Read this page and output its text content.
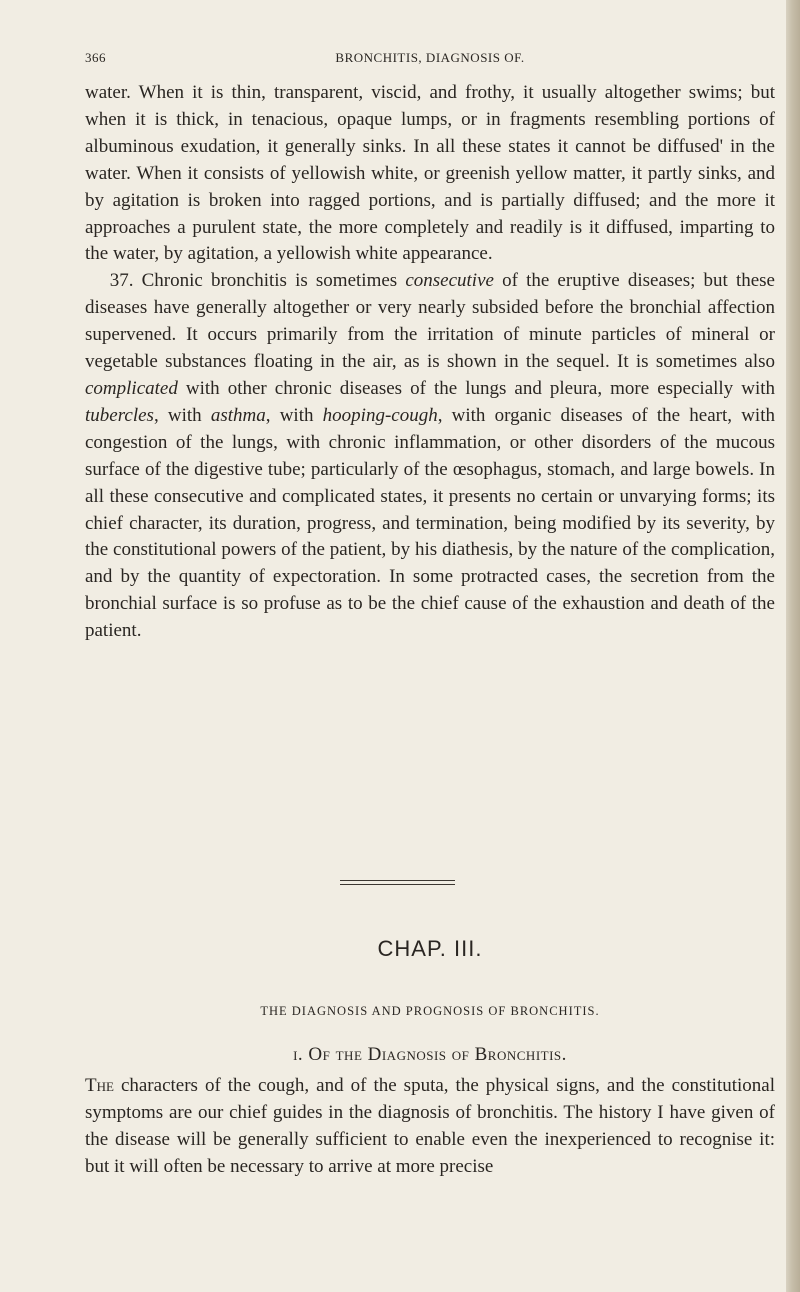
366	BRONCHITIS, DIAGNOSIS OF.

water. When it is thin, transparent, viscid, and frothy, it usually altogether swims; but when it is thick, in tenacious, opaque lumps, or in fragments resembling portions of albuminous exudation, it generally sinks. In all these states it cannot be diffused' in the water. When it consists of yellowish white, or greenish yellow matter, it partly sinks, and by agitation is broken into ragged portions, and is partially diffused; and the more it approaches a purulent state, the more completely and readily is it diffused, imparting to the water, by agitation, a yellowish white appearance.

37. Chronic bronchitis is sometimes consecutive of the eruptive diseases; but these diseases have generally altogether or very nearly subsided before the bronchial affection supervened. It occurs primarily from the irritation of minute particles of mineral or vegetable substances floating in the air, as is shown in the sequel. It is sometimes also complicated with other chronic diseases of the lungs and pleura, more especially with tubercles, with asthma, with hooping-cough, with organic diseases of the heart, with congestion of the lungs, with chronic inflammation, or other disorders of the mucous surface of the digestive tube; particularly of the œsophagus, stomach, and large bowels. In all these consecutive and complicated states, it presents no certain or unvarying forms; its chief character, its duration, progress, and termination, being modified by its severity, by the constitutional powers of the patient, by his diathesis, by the nature of the complication, and by the quantity of expectoration. In some protracted cases, the secretion from the bronchial surface is so profuse as to be the chief cause of the exhaustion and death of the patient.

CHAP. III.
THE DIAGNOSIS AND PROGNOSIS OF BRONCHITIS.
i. Of the Diagnosis of Bronchitis.

The characters of the cough, and of the sputa, the physical signs, and the constitutional symptoms are our chief guides in the diagnosis of bronchitis. The history I have given of the disease will be generally sufficient to enable even the inexperienced to recognise it: but it will often be necessary to arrive at more precise
